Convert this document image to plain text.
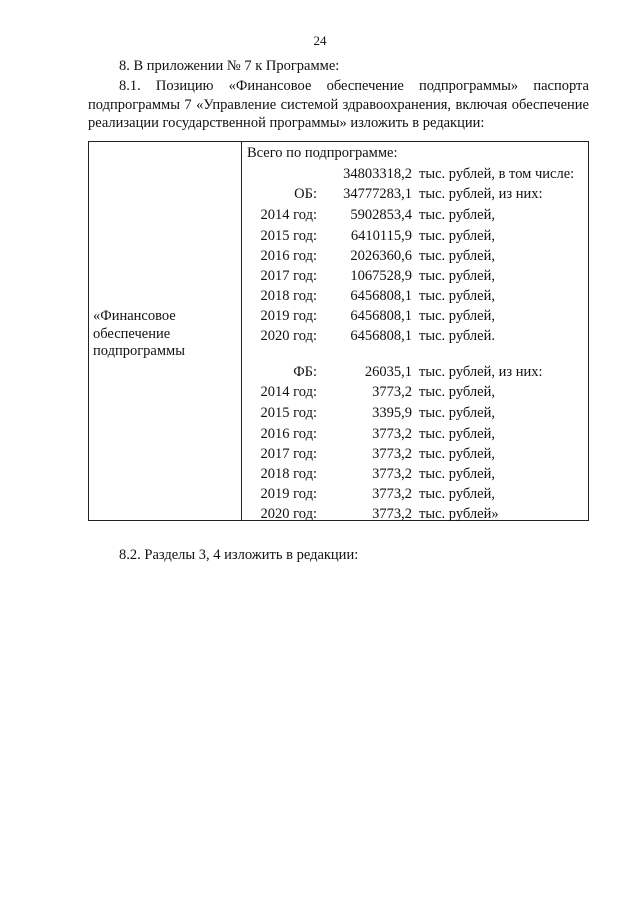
24
8. В приложении № 7 к Программе:
8.1. Позицию «Финансовое обеспечение подпрограммы» паспорта подпрограммы 7 «Управление системой здравоохранения, включая обеспечение реализации государственной программы» изложить в редакции:
«Финансовое
обеспечение
подпрограммы
Всего по подпрограмме:
34803318,2 тыс. рублей, в том числе:
ОБ: 34777283,1 тыс. рублей, из них:
2014 год: 5902853,4 тыс. рублей,
2015 год: 6410115,9 тыс. рублей,
2016 год: 2026360,6 тыс. рублей,
2017 год: 1067528,9 тыс. рублей,
2018 год: 6456808,1 тыс. рублей,
2019 год: 6456808,1 тыс. рублей,
2020 год: 6456808,1 тыс. рублей.
ФБ:	26035,1 тыс. рублей, из них:
2014 год:	3773,2 тыс. рублей,
2015 год:	3395,9 тыс. рублей,
2016 год:	3773,2 тыс. рублей,
2017 год:	3773,2 тыс. рублей,
2018 год:	3773,2 тыс. рублей,
2019 год:	3773,2 тыс. рублей,
2020 год:	3773,2 тыс. рублей»
8.2. Разделы 3, 4 изложить в редакции:
